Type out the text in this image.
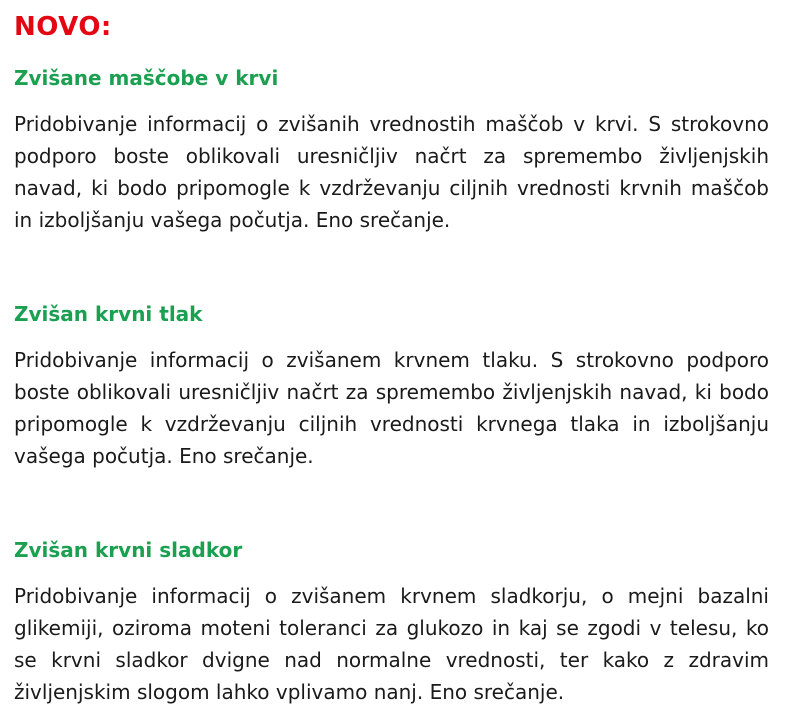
NOVO:
Zvišane maščobe v krvi

Pridobivanje informacij o zvišanih vrednostih maščob v krvi. S strokovno podporo boste oblikovali uresničljiv načrt za spremembo življenjskih navad, ki bodo pripomogle k vzdrževanju ciljnih vrednosti krvnih maščob in izboljšanju vašega počutja. Eno srečanje.

Zvišan krvni tlak

Pridobivanje informacij o zvišanem krvnem tlaku. S strokovno podporo boste oblikovali uresničljiv načrt za spremembo življenjskih navad, ki bodo pripomogle k vzdrževanju ciljnih vrednosti krvnega tlaka in izboljšanju vašega počutja. Eno srečanje.

Zvišan krvni sladkor

Pridobivanje informacij o zvišanem krvnem sladkorju, o mejni bazalni glikemiji, oziroma moteni toleranci za glukozo in kaj se zgodi v telesu, ko se krvni sladkor dvigne nad normalne vrednosti, ter kako z zdravim življenjskim slogom lahko vplivamo nanj. Eno srečanje.
